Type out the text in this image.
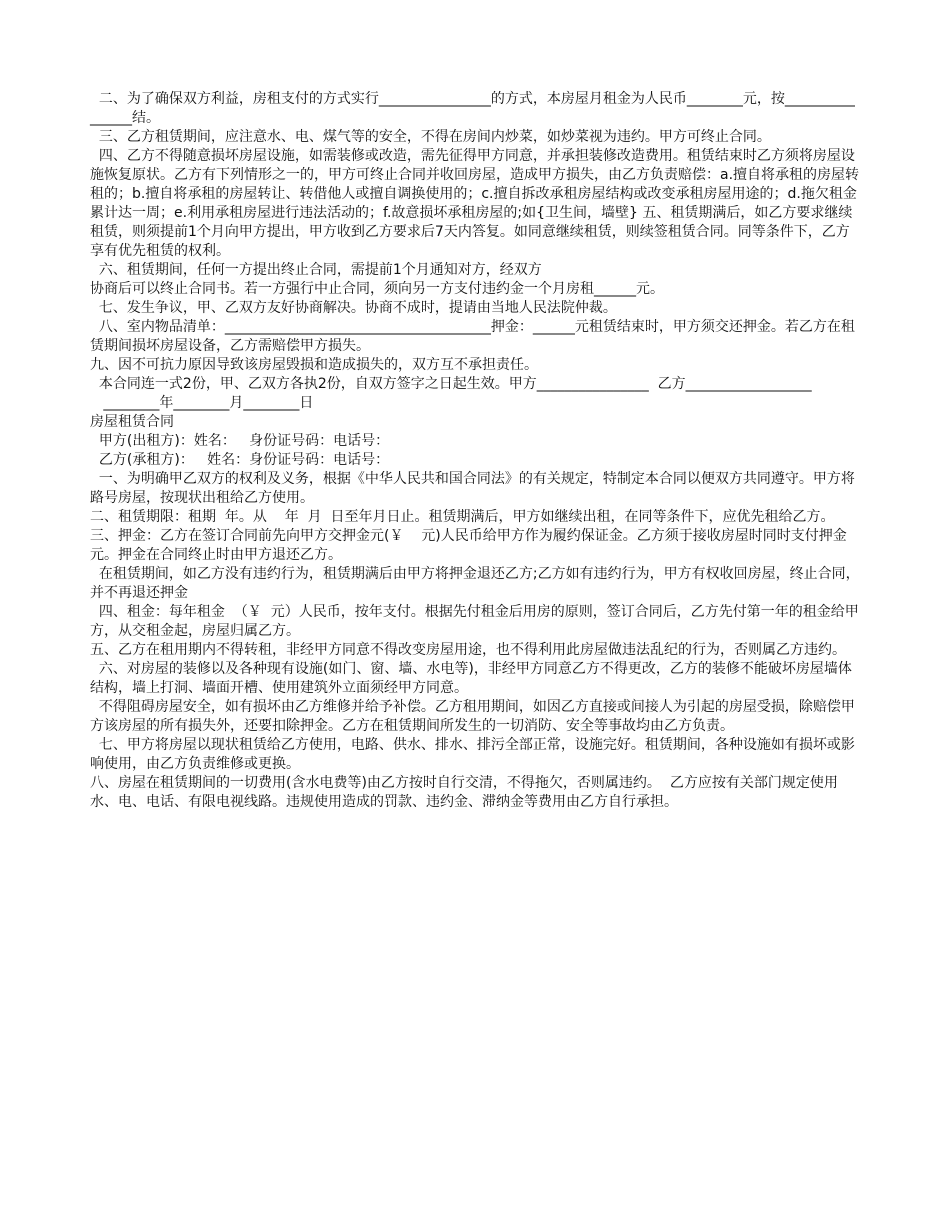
二、为了确保双方利益，房租支付的方式实行________________的方式，本房屋月租金为人民币________元，按________________结。

三、乙方租赁期间，应注意水、电、煤气等的安全，不得在房间内炒菜，如炒菜视为违约。甲方可终止合同。

四、乙方不得随意损坏房屋设施，如需装修或改造，需先征得甲方同意，并承担装修改造费用。租赁结束时乙方须将房屋设施恢复原状。乙方有下列情形之一的，甲方可终止合同并收回房屋，造成甲方损失，由乙方负责赔偿：a.擅自将承租的房屋转租的；b.擅自将承租的房屋转让、转借他人或擅自调换使用的；c.擅自拆改承租房屋结构或改变承租房屋用途的；d.拖欠租金累计达一周；e.利用承租房屋进行违法活动的；f.故意损坏承租房屋的;如{卫生间，墙壁} 五、租赁期满后，如乙方要求继续租赁，则须提前1个月向甲方提出，甲方收到乙方要求后7天内答复。如同意继续租赁，则续签租赁合同。同等条件下，乙方享有优先租赁的权利。

六、租赁期间，任何一方提出终止合同，需提前1个月通知对方，经双方

协商后可以终止合同书。若一方强行中止合同，须向另一方支付违约金一个月房租______元。

七、发生争议，甲、乙双方友好协商解决。协商不成时，提请由当地人民法院仲裁。

八、室内物品清单：______________________________________押金：______元租赁结束时，甲方须交还押金。若乙方在租赁期间损坏房屋设备，乙方需赔偿甲方损失。

九、因不可抗力原因导致该房屋毁损和造成损失的，双方互不承担责任。

本合同连一式2份，甲、乙双方各执2份，自双方签字之日起生效。甲方________________  乙方__________________

________年________月________日

房屋租赁合同

甲方(出租方)：姓名：   身份证号码：电话号：

乙方(承租方)：   姓名：身份证号码：电话号：

一、为明确甲乙双方的权利及义务，根据《中华人民共和国合同法》的有关规定，特制定本合同以便双方共同遵守。甲方将  路号房屋，按现状出租给乙方使用。

二、租赁期限：租期  年。从    年  月  日至年月日止。租赁期满后，甲方如继续出租，在同等条件下，应优先租给乙方。

三、押金：乙方在签订合同前先向甲方交押金元(￥    元)人民币给甲方作为履约保证金。乙方须于接收房屋时同时支付押金  元。押金在合同终止时由甲方退还乙方。

在租赁期间，如乙方没有违约行为，租赁期满后由甲方将押金退还乙方;乙方如有违约行为，甲方有权收回房屋，终止合同，并不再退还押金

四、租金：每年租金  （￥  元）人民币，按年支付。根据先付租金后用房的原则，签订合同后，乙方先付第一年的租金给甲方，从交租金起，房屋归属乙方。

五、乙方在租用期内不得转租，非经甲方同意不得改变房屋用途，也不得利用此房屋做违法乱纪的行为，否则属乙方违约。

六、对房屋的装修以及各种现有设施(如门、窗、墙、水电等)，非经甲方同意乙方不得更改，乙方的装修不能破坏房屋墙体结构，墙上打洞、墙面开槽、使用建筑外立面须经甲方同意。

不得阻碍房屋安全，如有损坏由乙方维修并给予补偿。乙方租用期间，如因乙方直接或间接人为引起的房屋受损，除赔偿甲方该房屋的所有损失外，还要扣除押金。乙方在租赁期间所发生的一切消防、安全等事故均由乙方负责。

七、甲方将房屋以现状租赁给乙方使用，电路、供水、排水、排污全部正常，设施完好。租赁期间，各种设施如有损坏或影响使用，由乙方负责维修或更换。

八、房屋在租赁期间的一切费用(含水电费等)由乙方按时自行交清，不得拖欠，否则属违约。  乙方应按有关部门规定使用水、电、电话、有限电视线路。违规使用造成的罚款、违约金、滞纳金等费用由乙方自行承担。
